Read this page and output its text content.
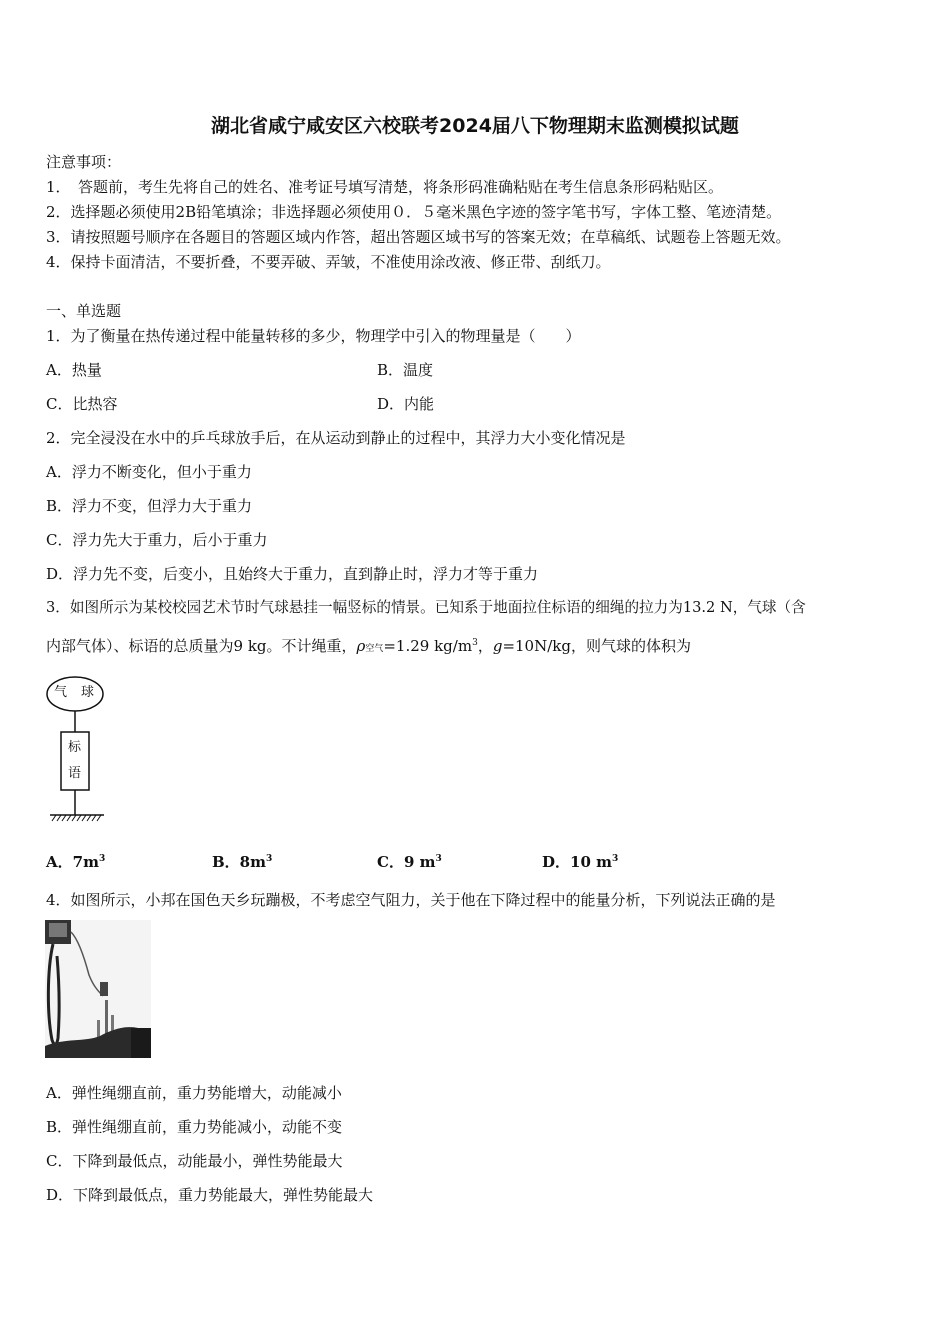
湖北省咸宁咸安区六校联考2024届八下物理期末监测模拟试题
注意事项：
1．　答题前，考生先将自己的姓名、准考证号填写清楚，将条形码准确粘贴在考生信息条形码粘贴区。
2．选择题必须使用2B铅笔填涂；非选择题必须使用０．５毫米黑色字迹的签字笔书写，字体工整、笔迹清楚。
3．请按照题号顺序在各题目的答题区域内作答，超出答题区域书写的答案无效；在草稿纸、试题卷上答题无效。
4．保持卡面清洁，不要折叠，不要弄破、弄皱，不准使用涂改液、修正带、刮纸刀。
一、单选题
1．为了衡量在热传递过程中能量转移的多少，物理学中引入的物理量是（　　）
A．热量	B．温度
C．比热容	D．内能
2．完全浸没在水中的乒乓球放手后，在从运动到静止的过程中，其浮力大小变化情况是
A．浮力不断变化，但小于重力
B．浮力不变，但浮力大于重力
C．浮力先大于重力，后小于重力
D．浮力先不变，后变小，且始终大于重力，直到静止时，浮力才等于重力
3．如图所示为某校校园艺术节时气球悬挂一幅竖标的情景。已知系于地面拉住标语的细绳的拉力为13.2 N，气球（含
内部气体）、标语的总质量为9 kg。不计绳重，ρ空气=1.29 $kg/m^3$，g=10N/kg，则气球的体积为
气 球
标
语
A．$7m^3$	B．$8m^3$	C．9 $m^3$	D．10 $m^3$
4．如图所示，小邦在国色天乡玩蹦极，不考虑空气阻力，关于他在下降过程中的能量分析，下列说法正确的是
A．弹性绳绷直前，重力势能增大，动能减小
B．弹性绳绷直前，重力势能减小，动能不变
C．下降到最低点，动能最小，弹性势能最大
D．下降到最低点，重力势能最大，弹性势能最大
